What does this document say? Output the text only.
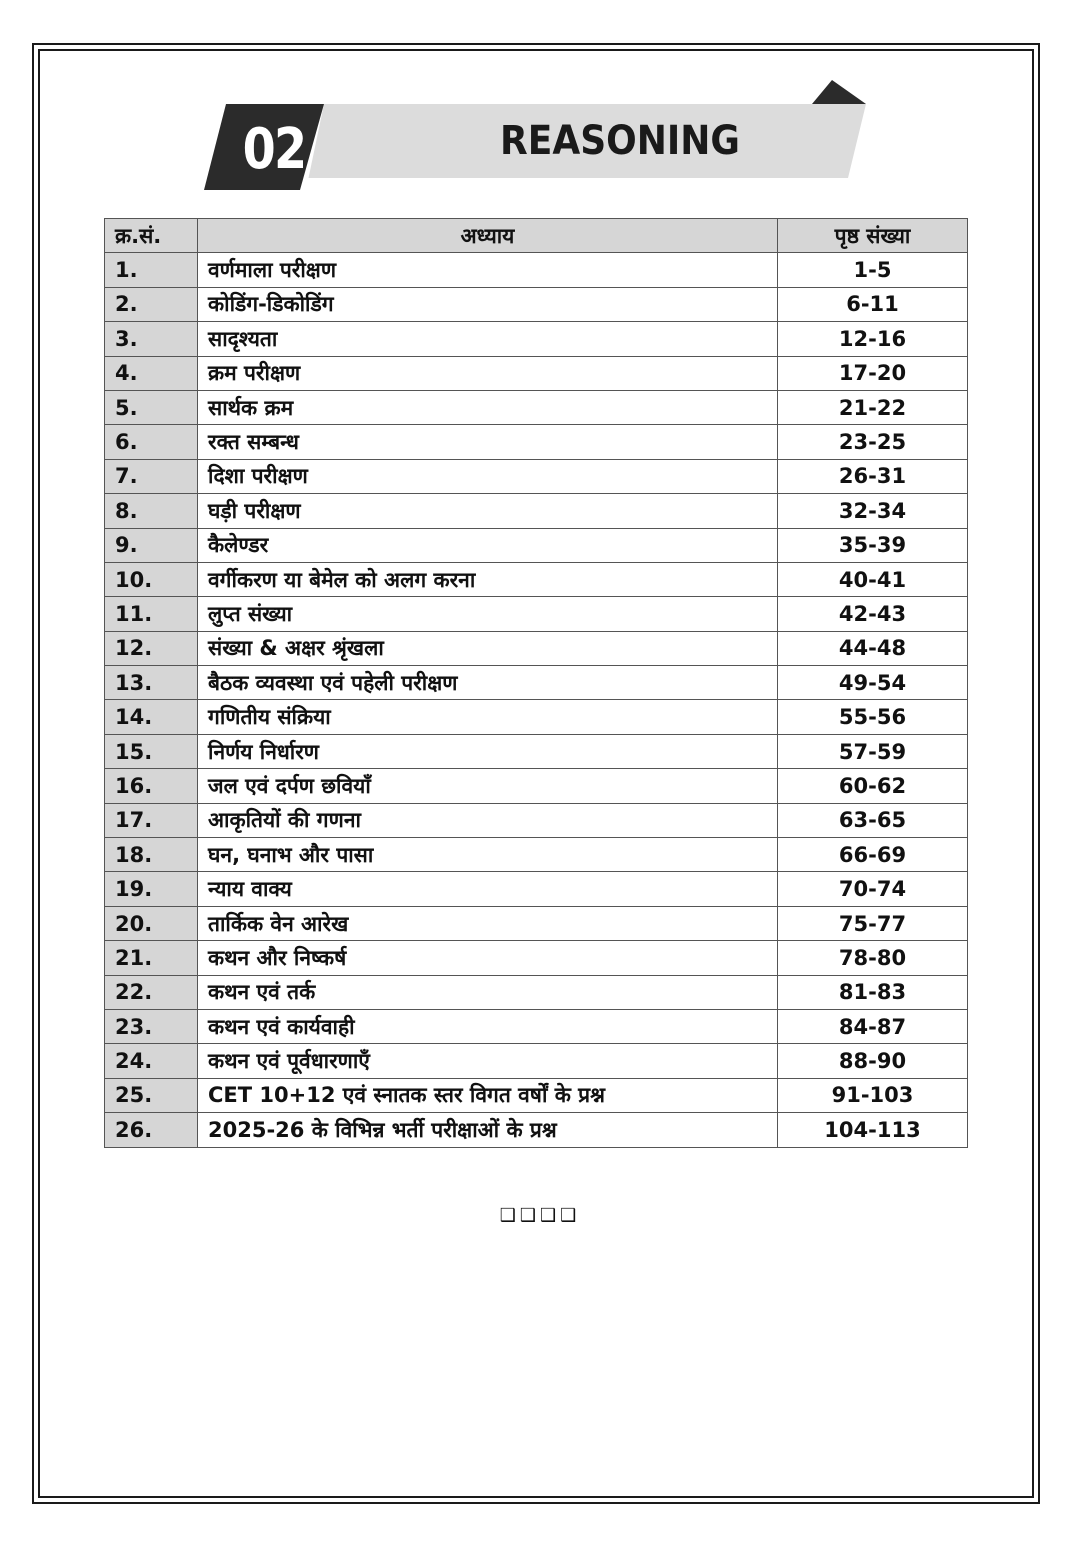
02	REASONING
क्र.सं.	अध्याय	पृष्ठ संख्या
1.	वर्णमाला परीक्षण	1-5
2.	कोडिंग-डिकोडिंग	6-11
3.	सादृश्यता	12-16
4.	क्रम परीक्षण	17-20
5.	सार्थक क्रम	21-22
6.	रक्त सम्बन्ध	23-25
7.	दिशा परीक्षण	26-31
8.	घड़ी परीक्षण	32-34
9.	कैलेण्डर	35-39
10.	वर्गीकरण या बेमेल को अलग करना	40-41
11.	लुप्त संख्या	42-43
12.	संख्या & अक्षर श्रृंखला	44-48
13.	बैठक व्यवस्था एवं पहेली परीक्षण	49-54
14.	गणितीय संक्रिया	55-56
15.	निर्णय निर्धारण	57-59
16.	जल एवं दर्पण छवियाँ	60-62
17.	आकृतियों की गणना	63-65
18.	घन, घनाभ और पासा	66-69
19.	न्याय वाक्य	70-74
20.	तार्किक वेन आरेख	75-77
21.	कथन और निष्कर्ष	78-80
22.	कथन एवं तर्क	81-83
23.	कथन एवं कार्यवाही	84-87
24.	कथन एवं पूर्वधारणाएँ	88-90
25.	CET 10+12 एवं स्नातक स्तर विगत वर्षों के प्रश्न	91-103
26.	2025-26 के विभिन्न भर्ती परीक्षाओं के प्रश्न	104-113
❑❑❑❑
